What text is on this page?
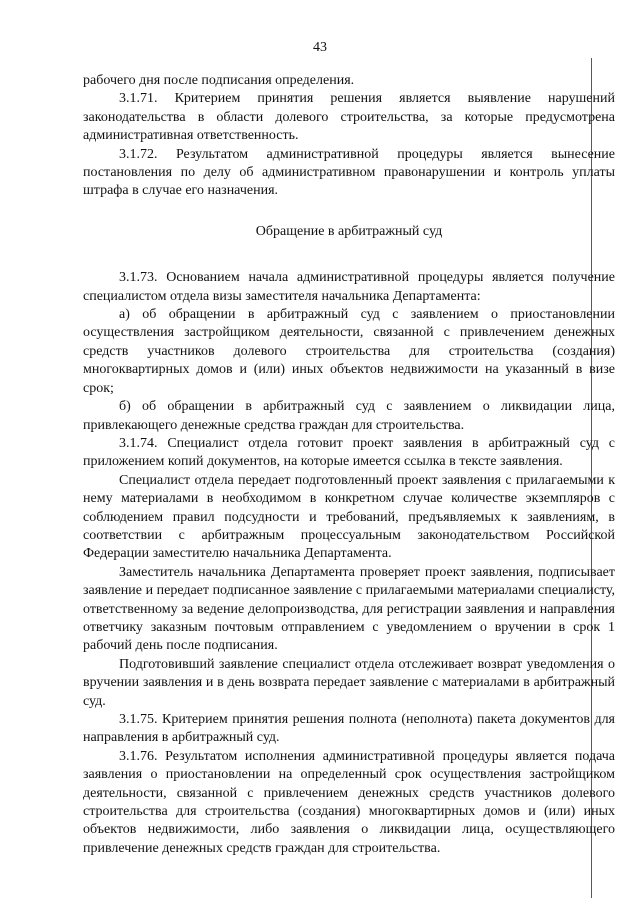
43

рабочего дня после подписания определения.

3.1.71. Критерием принятия решения является выявление нарушений законодательства в области долевого строительства, за которые предусмотрена административная ответственность.

3.1.72. Результатом административной процедуры является вынесение постановления по делу об административном правонарушении и контроль уплаты штрафа в случае его назначения.

Обращение в арбитражный суд

3.1.73. Основанием начала административной процедуры является получение специалистом отдела визы заместителя начальника Департамента:

а) об обращении в арбитражный суд с заявлением о приостановлении осуществления застройщиком деятельности, связанной с привлечением денежных средств участников долевого строительства для строительства (создания) многоквартирных домов и (или) иных объектов недвижимости на указанный в визе срок;

б) об обращении в арбитражный суд с заявлением о ликвидации лица, привлекающего денежные средства граждан для строительства.

3.1.74. Специалист отдела готовит проект заявления в арбитражный суд с приложением копий документов, на которые имеется ссылка в тексте заявления.

Специалист отдела передает подготовленный проект заявления с прилагаемыми к нему материалами в необходимом в конкретном случае количестве экземпляров с соблюдением правил подсудности и требований, предъявляемых к заявлениям, в соответствии с арбитражным процессуальным законодательством Российской Федерации заместителю начальника Департамента.

Заместитель начальника Департамента проверяет проект заявления, подписывает заявление и передает подписанное заявление с прилагаемыми материалами специалисту, ответственному за ведение делопроизводства, для регистрации заявления и направления ответчику заказным почтовым отправлением с уведомлением о вручении в срок 1 рабочий день после подписания.

Подготовивший заявление специалист отдела отслеживает возврат уведомления о вручении заявления и в день возврата передает заявление с материалами в арбитражный суд.

3.1.75. Критерием принятия решения полнота (неполнота) пакета документов для направления в арбитражный суд.

3.1.76. Результатом исполнения административной процедуры является подача заявления о приостановлении на определенный срок осуществления застройщиком деятельности, связанной с привлечением денежных средств участников долевого строительства для строительства (создания) многоквартирных домов и (или) иных объектов недвижимости, либо заявления о ликвидации лица, осуществляющего привлечение денежных средств граждан для строительства.
